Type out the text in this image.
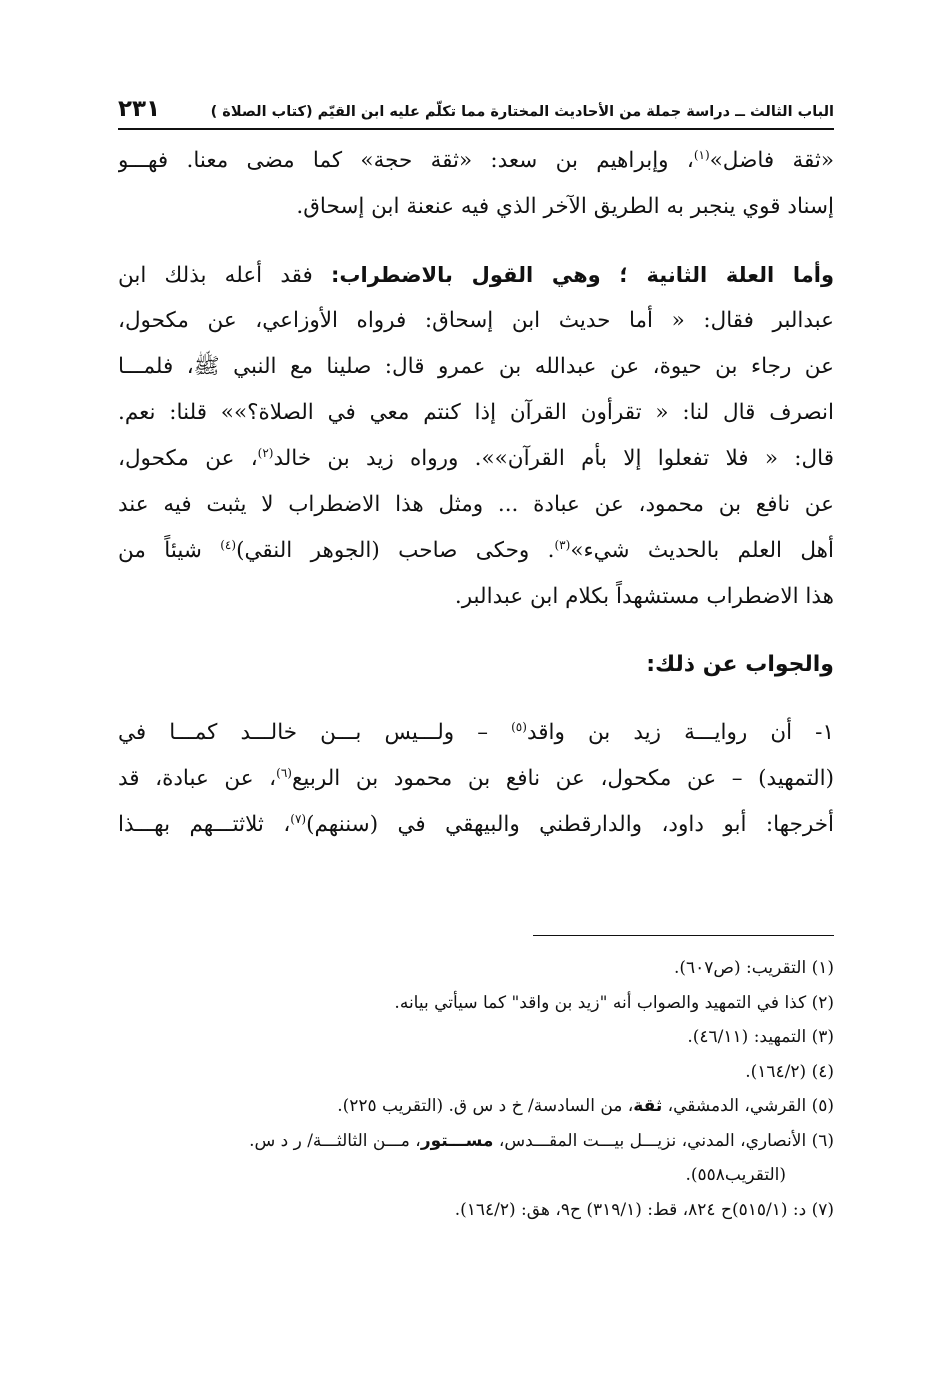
الباب الثالث ــ دراسة جملة من الأحاديث المختارة مما تكلّم عليه ابن القيّم (كتاب الصلاة )
٢٣١

«ثقة فاضل»$^{(١)}$، وإبراهيم بن سعد: «ثقة حجة» كما مضى معنا. فهـــو
إسناد قوي ينجبر به الطريق الآخر الذي فيه عنعنة ابن إسحاق.

وأما العلة الثانية ؛ وهي القول بالاضطراب: فقد أعله بذلك ابن
عبدالبر فقال: « أما حديث ابن إسحاق: فرواه الأوزاعي، عن مكحول،
عن رجاء بن حيوة، عن عبدالله بن عمرو قال: صلينا مع النبي ﷺ، فلمـــا
انصرف قال لنا: « تقرأون القرآن إذا كنتم معي في الصلاة؟»» قلنا: نعم.
قال: « فلا تفعلوا إلا بأم القرآن»». ورواه زيد بن خالد$^{(٢)}$، عن مكحول،
عن نافع بن محمود، عن عبادة ... ومثل هذا الاضطراب لا يثبت فيه عند
أهل العلم بالحديث شيء»$^{(٣)}$. وحكى صاحب (الجوهر النقي)$^{(٤)}$ شيئاً من
هذا الاضطراب مستشهداً بكلام ابن عبدالبر.

والجواب عن ذلك:

١- أن روايـــة زيد بن واقد$^{(٥)}$ – ولـــيس بـــن خالـــد كمـــا في
(التمهيد) – عن مكحول، عن نافع بن محمود بن الربيع$^{(٦)}$، عن عبادة، قد
أخرجها: أبو داود، والدارقطني والبيهقي في (سننهم)$^{(٧)}$، ثلاثتـــهم بهـــذا

(١) التقريب: (ص٦٠٧).
(٢) كذا في التمهيد والصواب أنه "زيد بن واقد" كما سيأتي بيانه.
(٣) التمهيد: (٤٦/١١).
(٤) (١٦٤/٢).
(٥) القرشي، الدمشقي، ثقة، من السادسة/ خ د س ق. (التقريب ٢٢٥).
(٦) الأنصاري، المدني، نزيـــل بيـــت المقـــدس، مســـتور، مـــن الثالثـــة/ ر د س.
(التقريب٥٥٨).
(٧) د: (٥١٥/١)ح ٨٢٤، قط: (٣١٩/١) ح٩، هق: (١٦٤/٢).
